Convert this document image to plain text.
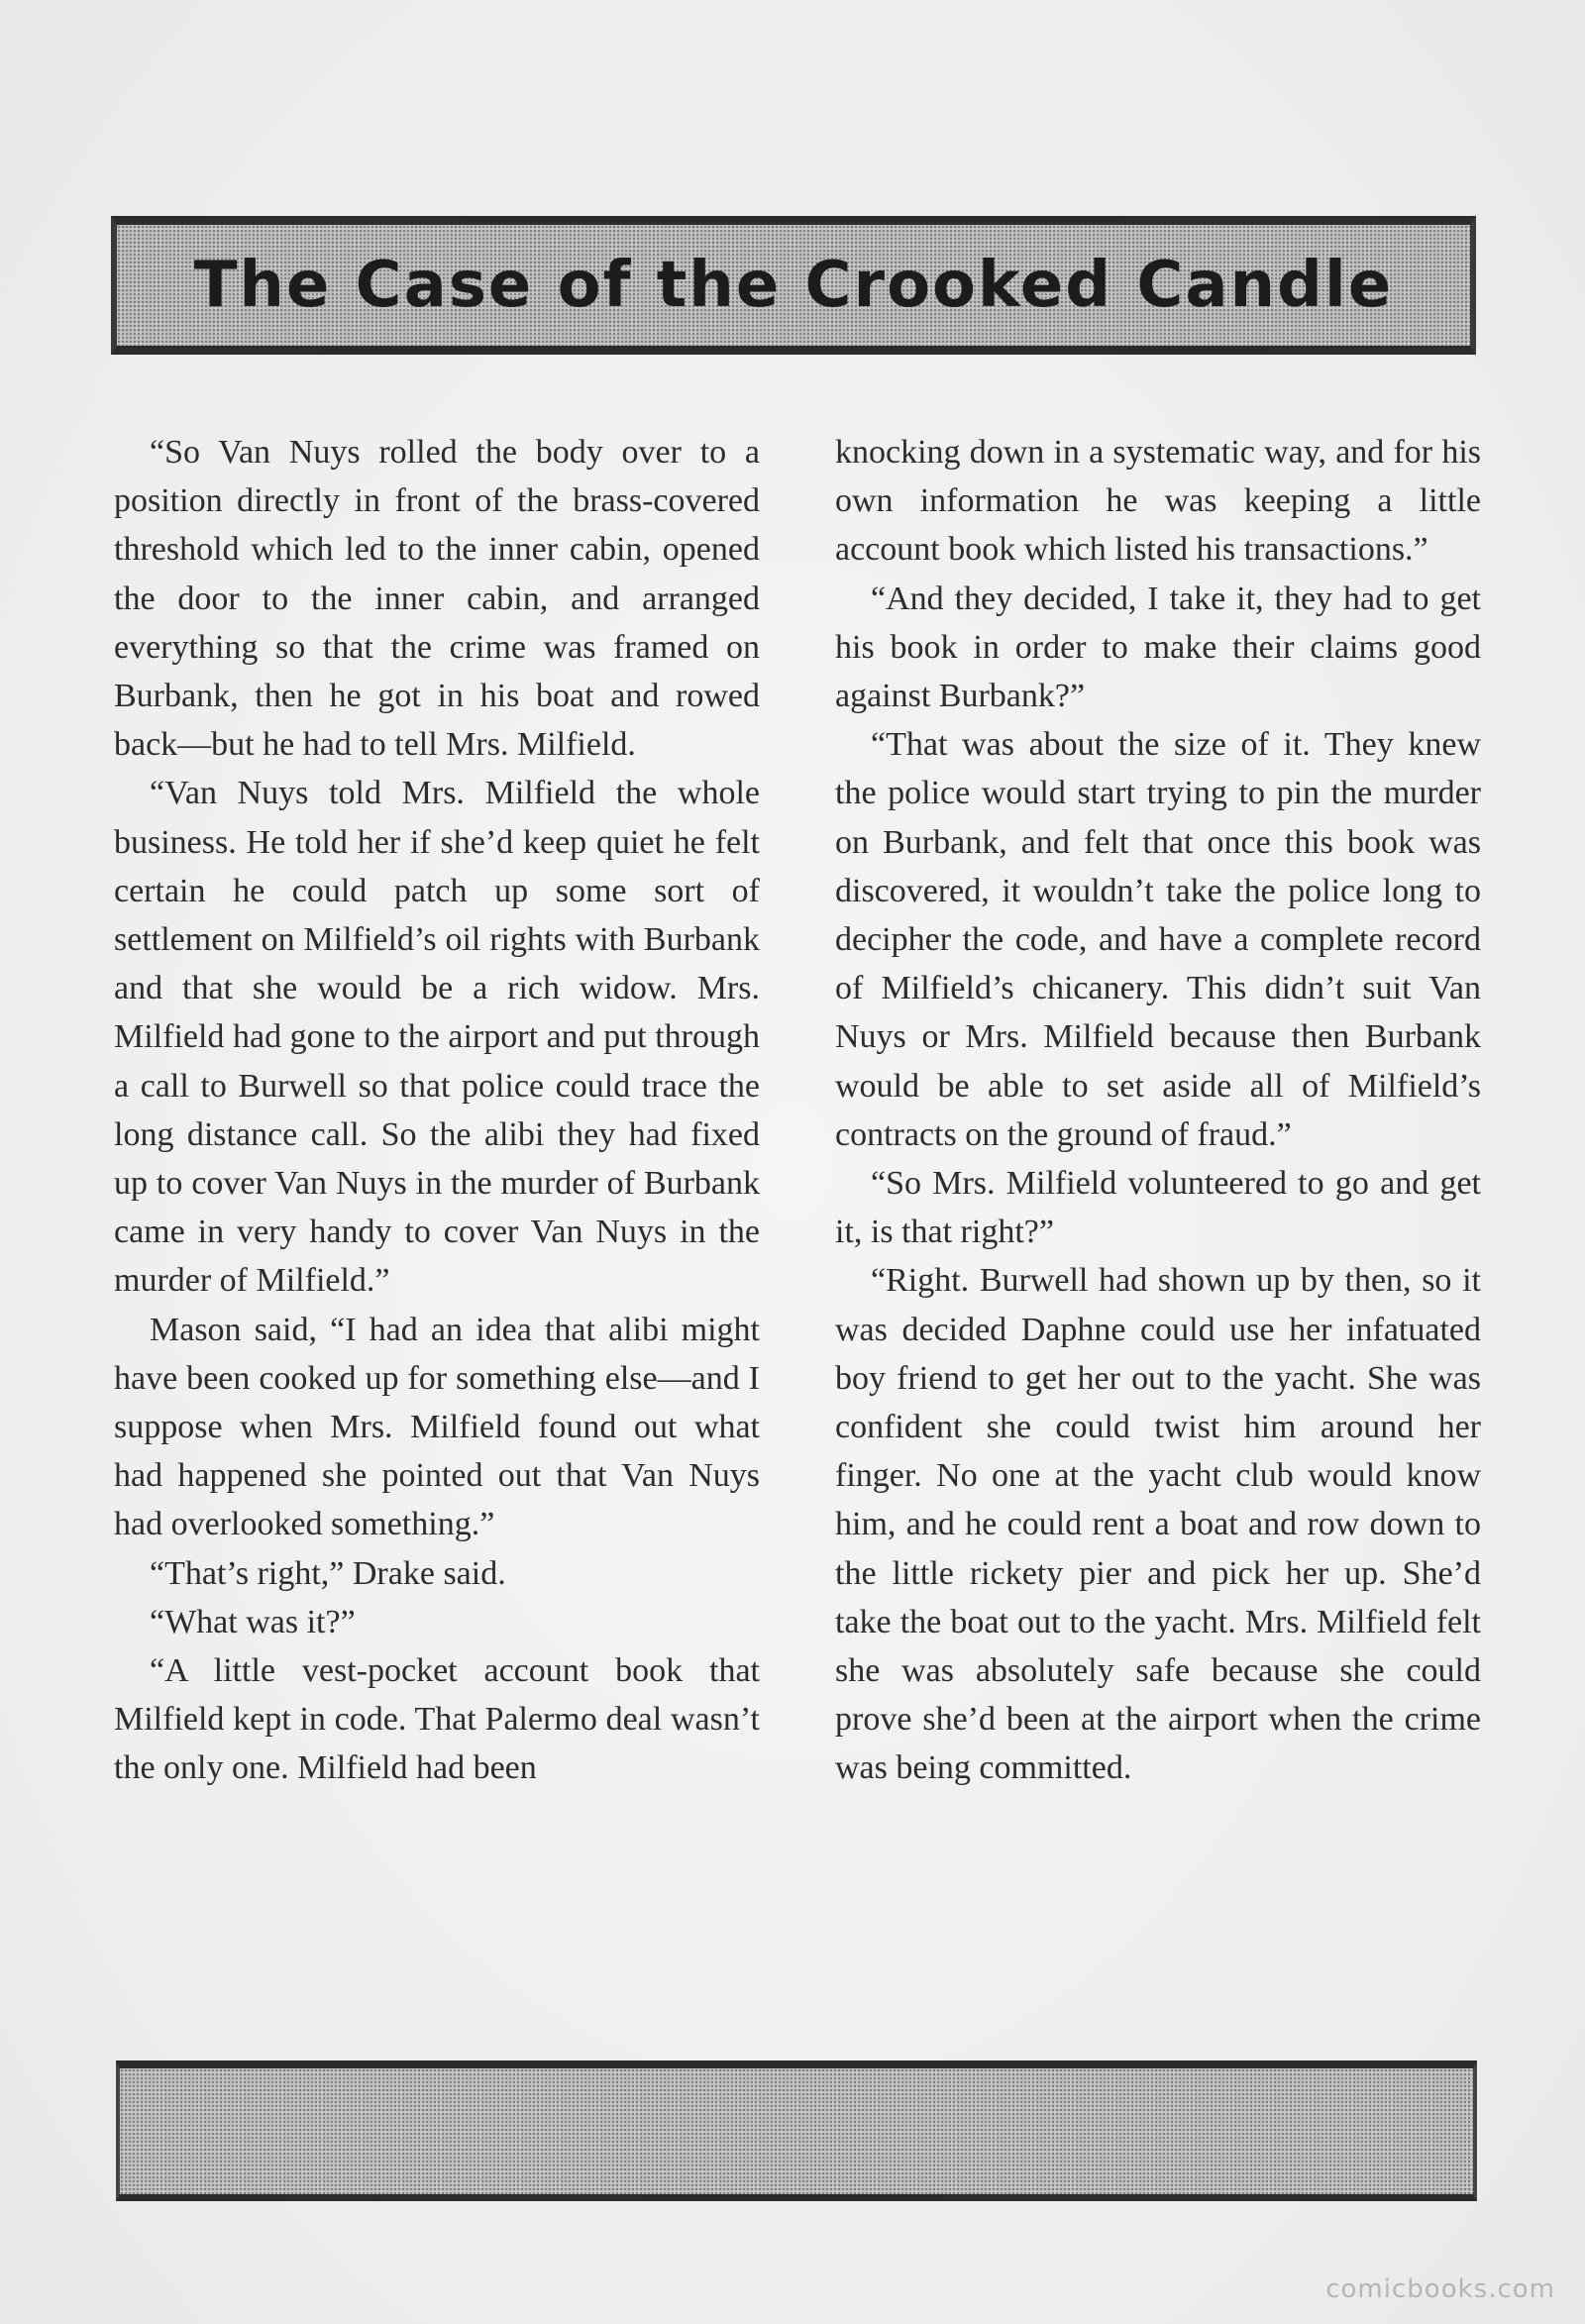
The Case of the Crooked Candle

“So Van Nuys rolled the body over to a position directly in front of the brass-covered threshold which led to the inner cabin, opened the door to the inner cabin, and arranged everything so that the crime was framed on Burbank, then he got in his boat and rowed back—but he had to tell Mrs. Milfield.

“Van Nuys told Mrs. Milfield the whole business. He told her if she’d keep quiet he felt certain he could patch up some sort of settlement on Milfield’s oil rights with Burbank and that she would be a rich widow. Mrs. Milfield had gone to the airport and put through a call to Burwell so that police could trace the long distance call. So the alibi they had fixed up to cover Van Nuys in the murder of Burbank came in very handy to cover Van Nuys in the murder of Milfield.”

Mason said, “I had an idea that alibi might have been cooked up for something else—and I suppose when Mrs. Milfield found out what had happened she pointed out that Van Nuys had overlooked something.”

“That’s right,” Drake said.

“What was it?”

“A little vest-pocket account book that Milfield kept in code. That Palermo deal wasn’t the only one. Milfield had been

knocking down in a systematic way, and for his own information he was keeping a little account book which listed his transactions.”

“And they decided, I take it, they had to get his book in order to make their claims good against Burbank?”

“That was about the size of it. They knew the police would start trying to pin the murder on Burbank, and felt that once this book was discovered, it wouldn’t take the police long to decipher the code, and have a complete record of Milfield’s chicanery. This didn’t suit Van Nuys or Mrs. Milfield because then Burbank would be able to set aside all of Milfield’s contracts on the ground of fraud.”

“So Mrs. Milfield volunteered to go and get it, is that right?”

“Right. Burwell had shown up by then, so it was decided Daphne could use her infatuated boy friend to get her out to the yacht. She was confident she could twist him around her finger. No one at the yacht club would know him, and he could rent a boat and row down to the little rickety pier and pick her up. She’d take the boat out to the yacht. Mrs. Milfield felt she was absolutely safe because she could prove she’d been at the airport when the crime was being committed.

comicbooks.com
